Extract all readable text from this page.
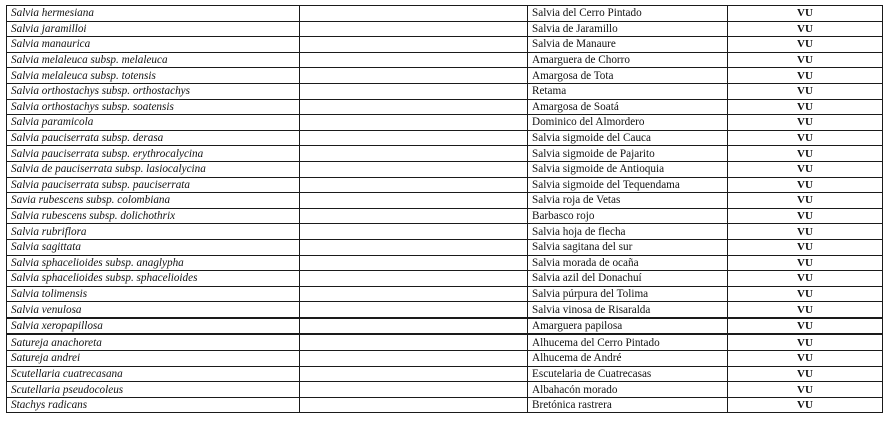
Salvia hermesiana		Salvia del Cerro Pintado	VU
Salvia jaramilloi		Salvia de Jaramillo	VU
Salvia manaurica		Salvia de Manaure	VU
Salvia melaleuca subsp. melaleuca		Amarguera de Chorro	VU
Salvia melaleuca subsp. totensis		Amargosa de Tota	VU
Salvia orthostachys subsp. orthostachys		Retama	VU
Salvia orthostachys subsp. soatensis		Amargosa de Soatá	VU
Salvia paramicola		Dominico del Almordero	VU
Salvia pauciserrata subsp. derasa		Salvia sigmoide del Cauca	VU
Salvia pauciserrata subsp. erythrocalycina		Salvia sigmoide de Pajarito	VU
Salvia de pauciserrata subsp. lasiocalycina		Salvia sigmoide de Antioquia	VU
Salvia pauciserrata subsp. pauciserrata		Salvia sigmoide del Tequendama	VU
Savia rubescens subsp. colombiana		Salvia roja de Vetas	VU
Salvia rubescens subsp. dolichothrix		Barbasco rojo	VU
Salvia rubriflora		Salvia hoja de flecha	VU
Salvia sagittata		Salvia sagitana del sur	VU
Salvia sphacelioides subsp. anaglypha		Salvia morada de ocaña	VU
Salvia sphacelioides subsp. sphacelioides		Salvia azil del Donachuí	VU
Salvia tolimensis		Salvia púrpura del Tolima	VU
Salvia venulosa		Salvia vinosa de Risaralda	VU
Salvia xeropapillosa		Amarguera papilosa	VU
Satureja anachoreta		Alhucema del Cerro Pintado	VU
Satureja andrei		Alhucema de André	VU
Scutellaria cuatrecasana		Escutelaria de Cuatrecasas	VU
Scutellaria pseudocoleus		Albahacón morado	VU
Stachys radicans		Bretónica rastrera	VU
